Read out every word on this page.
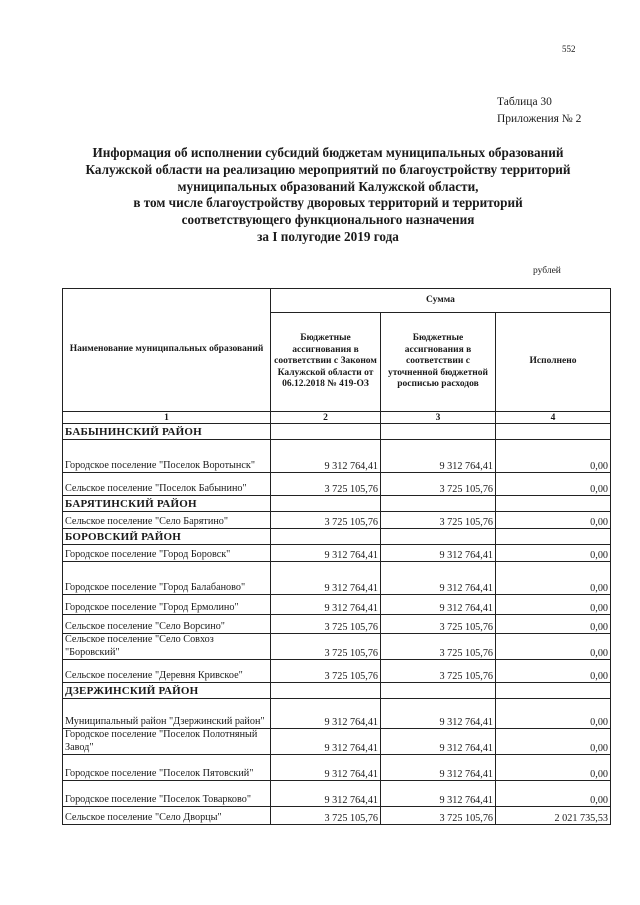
552
Таблица 30
Приложения № 2
Информация об исполнении субсидий бюджетам муниципальных образований
Калужской области на реализацию мероприятий по благоустройству территорий
муниципальных образований Калужской области,
в том числе благоустройству дворовых территорий и территорий
соответствующего функционального назначения
за I полугодие 2019 года
рублей
Наименование муниципальных образований	Сумма		
	Бюджетные ассигнования в соответствии с Законом Калужской области от 06.12.2018 № 419-ОЗ	Бюджетные ассигнования в соответствии с уточненной бюджетной росписью расходов	Исполнено
1	2	3	4
БАБЫНИНСКИЙ РАЙОН			
Городское поселение "Поселок Воротынск"	9 312 764,41	9 312 764,41	0,00
Сельское поселение "Поселок Бабынино"	3 725 105,76	3 725 105,76	0,00
БАРЯТИНСКИЙ РАЙОН			
Сельское поселение "Село Барятино"	3 725 105,76	3 725 105,76	0,00
БОРОВСКИЙ РАЙОН			
Городское поселение "Город Боровск"	9 312 764,41	9 312 764,41	0,00
Городское поселение "Город Балабаново"	9 312 764,41	9 312 764,41	0,00
Городское поселение "Город Ермолино"	9 312 764,41	9 312 764,41	0,00
Сельское поселение "Село Ворсино"	3 725 105,76	3 725 105,76	0,00
Сельское поселение "Село Совхоз "Боровский"	3 725 105,76	3 725 105,76	0,00
Сельское поселение "Деревня Кривское"	3 725 105,76	3 725 105,76	0,00
ДЗЕРЖИНСКИЙ РАЙОН			
Муниципальный район "Дзержинский район"	9 312 764,41	9 312 764,41	0,00
Городское поселение "Поселок Полотняный Завод"	9 312 764,41	9 312 764,41	0,00
Городское поселение "Поселок Пятовский"	9 312 764,41	9 312 764,41	0,00
Городское поселение "Поселок Товарково"	9 312 764,41	9 312 764,41	0,00
Сельское поселение "Село Дворцы"	3 725 105,76	3 725 105,76	2 021 735,53
